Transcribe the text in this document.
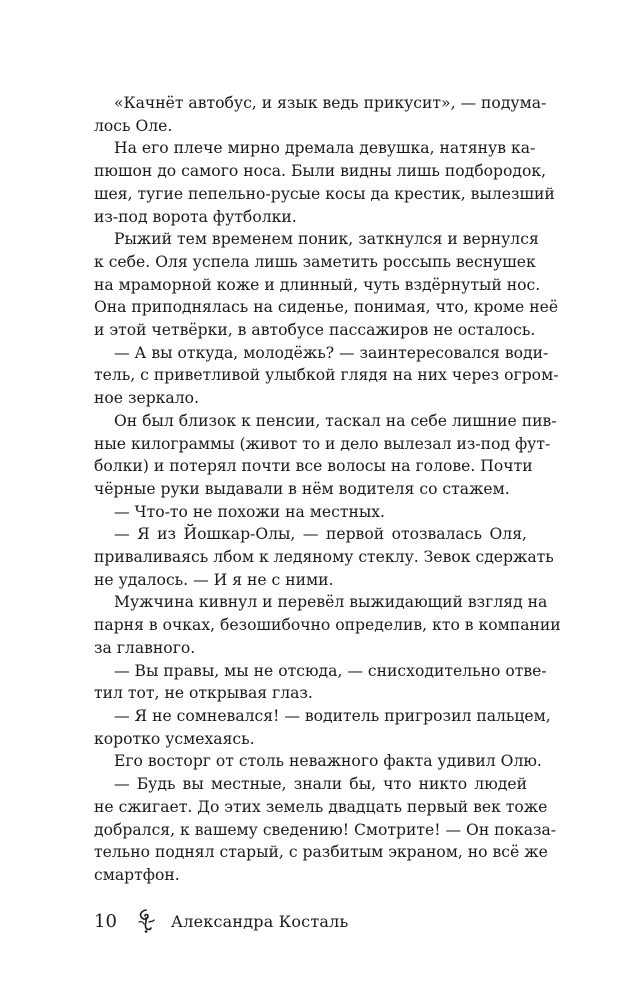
«Качнёт автобус, и язык ведь прикусит», — подума-
лось Оле.
На его плече мирно дремала девушка, натянув ка-
пюшон до самого носа. Были видны лишь подбородок,
шея, тугие пепельно-русые косы да крестик, вылезший
из-под ворота футболки.
Рыжий тем временем поник, заткнулся и вернулся
к себе. Оля успела лишь заметить россыпь веснушек
на мраморной коже и длинный, чуть вздёрнутый нос.
Она приподнялась на сиденье, понимая, что, кроме неё
и этой четвёрки, в автобусе пассажиров не осталось.
— А вы откуда, молодёжь? — заинтересовался води-
тель, с приветливой улыбкой глядя на них через огром-
ное зеркало.
Он был близок к пенсии, таскал на себе лишние пив-
ные килограммы (живот то и дело вылезал из-под фут-
болки) и потерял почти все волосы на голове. Почти
чёрные руки выдавали в нём водителя со стажем.
— Что-то не похожи на местных.
— Я из Йошкар-Олы, — первой отозвалась Оля,
приваливаясь лбом к ледяному стеклу. Зевок сдержать
не удалось. — И я не с ними.
Мужчина кивнул и перевёл выжидающий взгляд на
парня в очках, безошибочно определив, кто в компании
за главного.
— Вы правы, мы не отсюда, — снисходительно отве-
тил тот, не открывая глаз.
— Я не сомневался! — водитель пригрозил пальцем,
коротко усмехаясь.
Его восторг от столь неважного факта удивил Олю.
— Будь вы местные, знали бы, что никто людей
не сжигает. До этих земель двадцать первый век тоже
добрался, к вашему сведению! Смотрите! — Он показа-
тельно поднял старый, с разбитым экраном, но всё же
смартфон.
10	Александра Косталь
